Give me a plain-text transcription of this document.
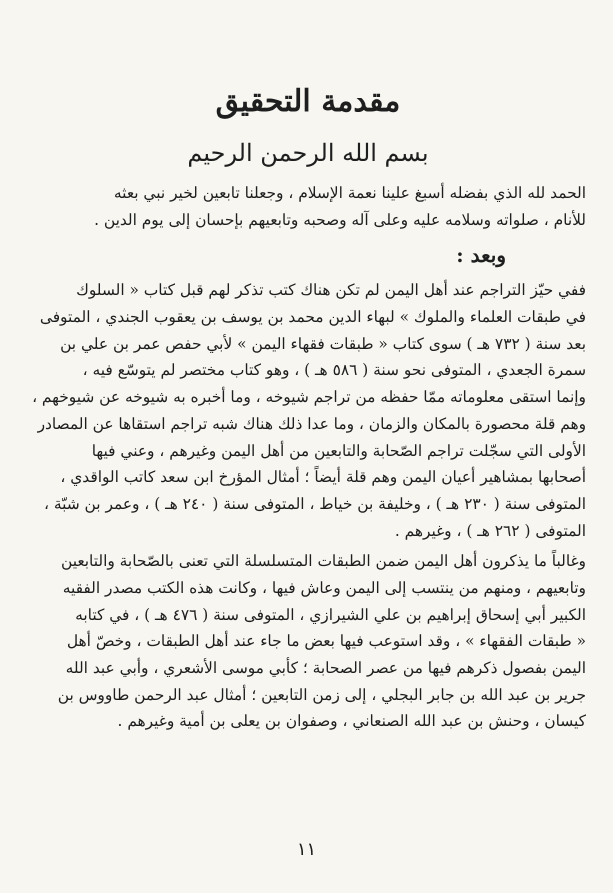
مقدمة التحقيق
بسم الله الرحمن الرحيم
الحمد لله الذي بفضله أسبغ علينا نعمة الإسلام ، وجعلنا تابعين لخير نبي بعثه
للأنام ، صلواته وسلامه عليه وعلى آله وصحبه وتابعيهم بإحسان إلى يوم الدين .
وبعد :
ففي حيّز التراجم عند أهل اليمن لم تكن هناك كتب تذكر لهم قبل كتاب « السلوك
في طبقات العلماء والملوك » لبهاء الدين محمد بن يوسف بن يعقوب الجندي ، المتوفى
بعد سنة ( ٧٣٢ هـ ) سوى كتاب « طبقات فقهاء اليمن » لأبي حفص عمر بن علي بن
سمرة الجعدي ، المتوفى نحو سنة ( ٥٨٦ هـ ) ، وهو كتاب مختصر لم يتوسّع فيه ،
وإنما استقى معلوماته ممّا حفظه من تراجم شيوخه ، وما أخبره به شيوخه عن شيوخهم ،
وهم قلة محصورة بالمكان والزمان ، وما عدا ذلك هناك شبه تراجم استقاها عن المصادر
الأولى التي سجّلت تراجم الصّحابة والتابعين من أهل اليمن وغيرهم ، وعني فيها
أصحابها بمشاهير أعيان اليمن وهم قلة أيضاً ؛ أمثال المؤرخ ابن سعد كاتب الواقدي ،
المتوفى سنة ( ٢٣٠ هـ ) ، وخليفة بن خياط ، المتوفى سنة ( ٢٤٠ هـ ) ، وعمر بن شبّة ،
المتوفى ( ٢٦٢ هـ ) ، وغيرهم .
وغالباً ما يذكرون أهل اليمن ضمن الطبقات المتسلسلة التي تعنى بالصّحابة والتابعين
وتابعيهم ، ومنهم من ينتسب إلى اليمن وعاش فيها ، وكانت هذه الكتب مصدر الفقيه
الكبير أبي إسحاق إبراهيم بن علي الشيرازي ، المتوفى سنة ( ٤٧٦ هـ ) ، في كتابه
« طبقات الفقهاء » ، وقد استوعب فيها بعض ما جاء عند أهل الطبقات ، وخصّ أهل
اليمن بفصول ذكرهم فيها من عصر الصحابة ؛ كأبي موسى الأشعري ، وأبي عبد الله
جرير بن عبد الله بن جابر البجلي ، إلى زمن التابعين ؛ أمثال عبد الرحمن طاووس بن
كيسان ، وحنش بن عبد الله الصنعاني ، وصفوان بن يعلى بن أمية وغيرهم .
١١
